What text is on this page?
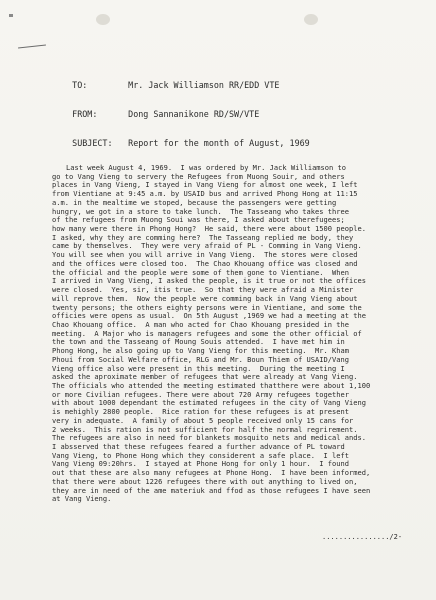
TO:	Mr. Jack Williamson RR/EDD VTE

FROM:	Dong Sannanikone RD/SW/VTE

SUBJECT: Report for the month of August, 1969

Last week August 4, 1969.  I was ordered by Mr. Jack Williamson to
go to Vang Vieng to servery the Refugees from Muong Souir, and others
places in Vang Vieng, I stayed in Vang Vieng for almost one week, I left
from Vientiane at 9:45 a.m. by USAID bus and arrived Phong Hong at 11:15
a.m. in the mealtime we stoped, because the passengers were getting
hungry, we got in a store to take lunch.  The Tasseang who takes three
of the refugees from Muong Soui was there, I asked about therefugees;
how many were there in Phong Hong?  He said, there were about 1500 people.
I asked, why they are comming here?  The Tasseang replied me body, they
came by themselves.  They were very afraid of PL - Comming in Vang Vieng.
You will see when you will arrive in Vang Vieng.  The stores were closed
and the offices were closed too.  The Chao Khouang office was closed and
the official and the people were some of them gone to Vientiane.  When
I arrived in Vang Vieng, I asked the people, is it true or not the offices
were closed.  Yes, sir, itis true.  So that they were afraid a Minister
will reprove them.  Now the people were comming back in Vang Vieng about
twenty persons; the others eighty persons were in Vientiane, and some the
officies were opens as usual.  On 5th August ,1969 we had a meeting at the
Chao Khouang office.  A man who acted for Chao Khouang presided in the
meeting.  A Major who is managers refugees and some the other official of
the town and the Tasseang of Moung Souis attended.  I have met him in
Phong Hong, he also going up to Vang Vieng for this meeting.  Mr. Kham
Phoui from Social Welfare office, RLG and Mr. Boun Thiem of USAID/Vang
Vieng office also were present in this meeting.  During the meeting I
asked the aproximate member of refugees that were already at Vang Vieng.
The officials who attended the meeting estimated thatthere were about 1,100
or more Civilian refugees. There were about 720 Army refugees together
with about 1000 dependant the estimated refugees in the city of Vang Vieng
is mehighly 2800 people.  Rice ration for these refugees is at present
very in adequate.  A family of about 5 people received only 15 cans for
2 weeks.  This ration is not sufficient for half the normal regrirement.
The refugees are also in need for blankets mosquito nets and medical ands.
I absserved that these refugees feared a further advance of PL toward
Vang Vieng, to Phone Hong which they considerent a safe place.  I left
Vang Vieng 09:20hrs.  I stayed at Phone Hong for only 1 hour.  I found
out that these are also many refugees at Phone Hong.  I have been informed,
that there were about 1226 refugees there with out anything to lived on,
they are in need of the ame materiuk and ffod as those refugees I have seen
at Vang Vieng.
................/2-
